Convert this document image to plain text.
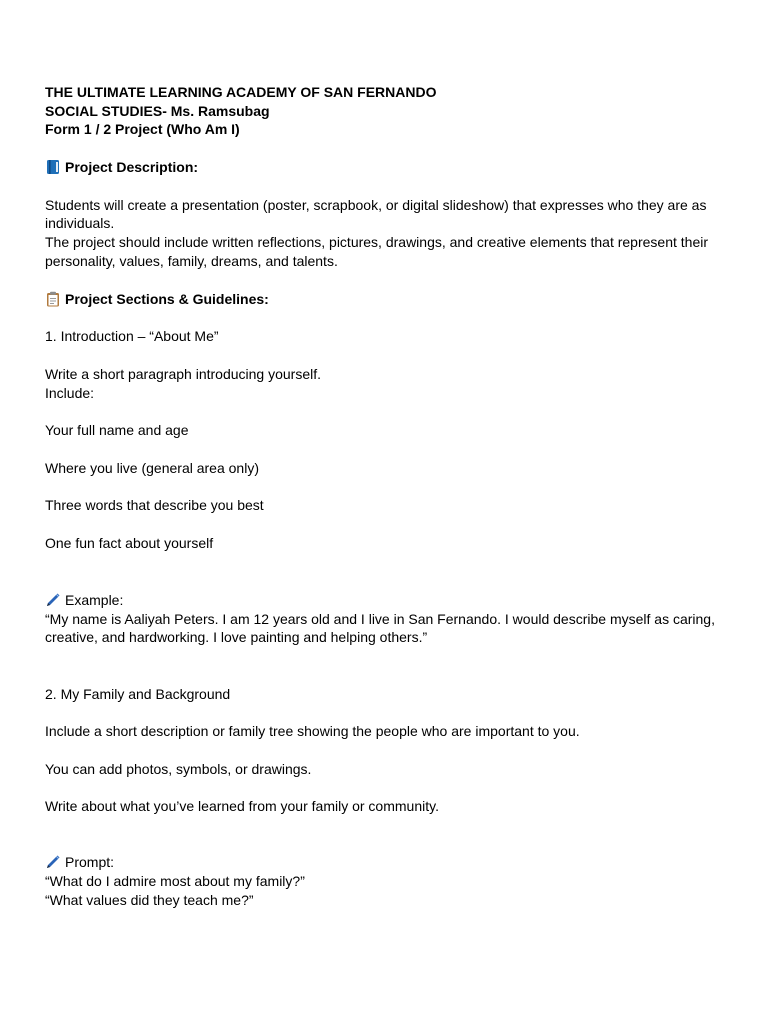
THE ULTIMATE LEARNING ACADEMY OF SAN FERNANDO
SOCIAL STUDIES- Ms. Ramsubag
Form 1 / 2 Project (Who Am I)
Project Description:
Students will create a presentation (poster, scrapbook, or digital slideshow) that expresses who they are as
individuals.
The project should include written reflections, pictures, drawings, and creative elements that represent their
personality, values, family, dreams, and talents.
Project Sections & Guidelines:
1. Introduction – “About Me”
Write a short paragraph introducing yourself.
Include:
Your full name and age
Where you live (general area only)
Three words that describe you best
One fun fact about yourself
Example:
“My name is Aaliyah Peters. I am 12 years old and I live in San Fernando. I would describe myself as caring,
creative, and hardworking. I love painting and helping others.”
2. My Family and Background
Include a short description or family tree showing the people who are important to you.
You can add photos, symbols, or drawings.
Write about what you’ve learned from your family or community.
Prompt:
“What do I admire most about my family?”
“What values did they teach me?”
